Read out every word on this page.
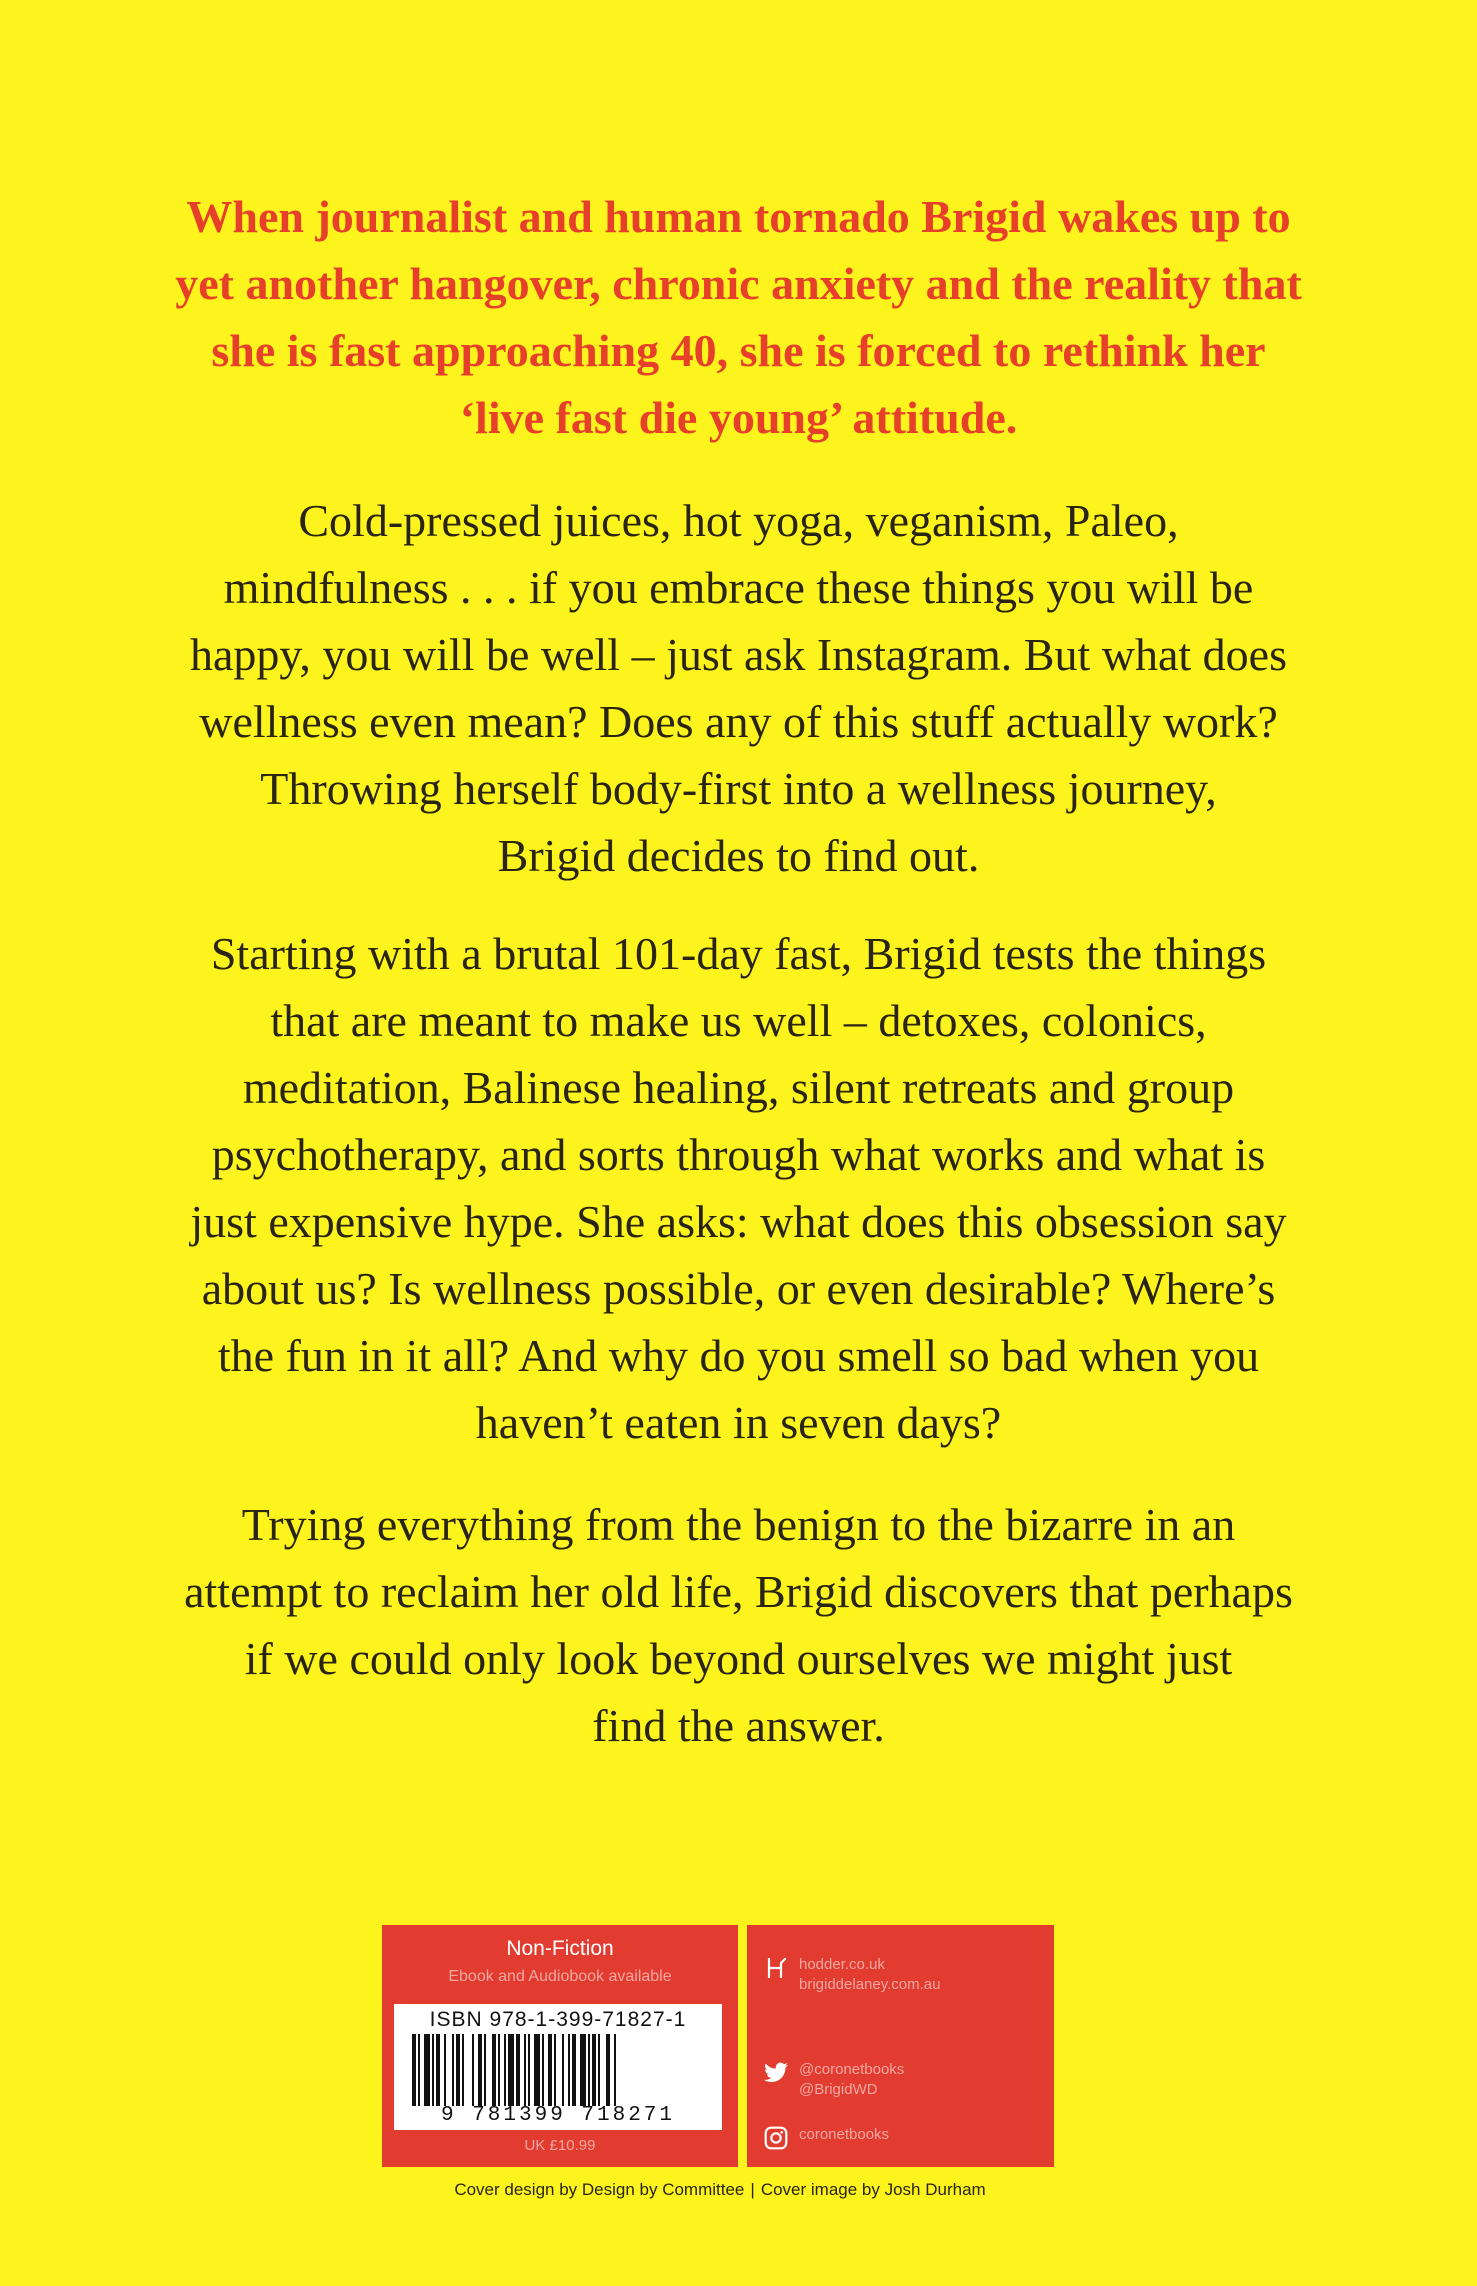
When journalist and human tornado Brigid wakes up to
yet another hangover, chronic anxiety and the reality that
she is fast approaching 40, she is forced to rethink her
‘live fast die young’ attitude.

Cold-pressed juices, hot yoga, veganism, Paleo,
mindfulness . . . if you embrace these things you will be
happy, you will be well – just ask Instagram. But what does
wellness even mean? Does any of this stuff actually work?
Throwing herself body-first into a wellness journey,
Brigid decides to find out.

Starting with a brutal 101-day fast, Brigid tests the things
that are meant to make us well – detoxes, colonics,
meditation, Balinese healing, silent retreats and group
psychotherapy, and sorts through what works and what is
just expensive hype. She asks: what does this obsession say
about us? Is wellness possible, or even desirable? Where’s
the fun in it all? And why do you smell so bad when you
haven’t eaten in seven days?

Trying everything from the benign to the bizarre in an
attempt to reclaim her old life, Brigid discovers that perhaps
if we could only look beyond ourselves we might just
find the answer.

Non-Fiction
Ebook and Audiobook available
ISBN 978-1-399-71827-1
9 781399 718271
UK £10.99
hodder.co.uk
brigiddelaney.com.au
@coronetbooks
@BrigidWD
coronetbooks
Cover design by Design by Committee | Cover image by Josh Durham
